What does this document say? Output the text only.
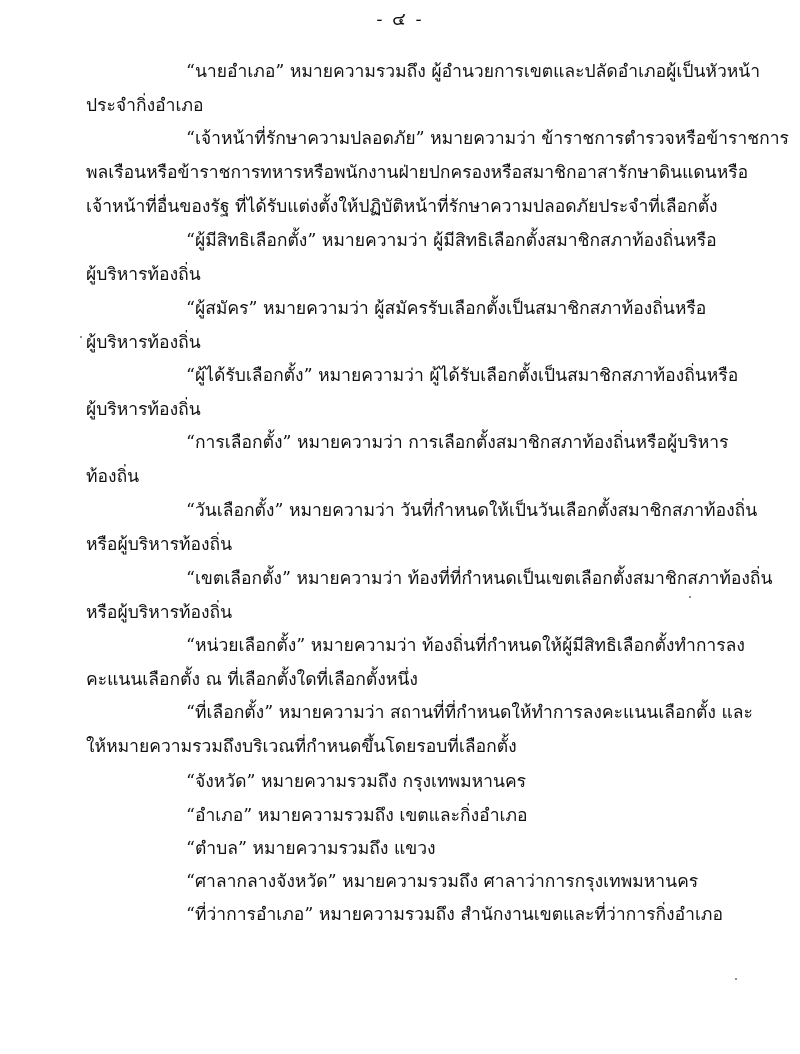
- ๔ -
“นายอำเภอ” หมายความรวมถึง ผู้อำนวยการเขตและปลัดอำเภอผู้เป็นหัวหน้า
ประจำกิ่งอำเภอ
“เจ้าหน้าที่รักษาความปลอดภัย” หมายความว่า ข้าราชการตำรวจหรือข้าราชการ
พลเรือนหรือข้าราชการทหารหรือพนักงานฝ่ายปกครองหรือสมาชิกอาสารักษาดินแดนหรือ
เจ้าหน้าที่อื่นของรัฐ ที่ได้รับแต่งตั้งให้ปฏิบัติหน้าที่รักษาความปลอดภัยประจำที่เลือกตั้ง
“ผู้มีสิทธิเลือกตั้ง” หมายความว่า ผู้มีสิทธิเลือกตั้งสมาชิกสภาท้องถิ่นหรือ
ผู้บริหารท้องถิ่น
“ผู้สมัคร” หมายความว่า ผู้สมัครรับเลือกตั้งเป็นสมาชิกสภาท้องถิ่นหรือ
ผู้บริหารท้องถิ่น
“ผู้ได้รับเลือกตั้ง” หมายความว่า ผู้ได้รับเลือกตั้งเป็นสมาชิกสภาท้องถิ่นหรือ
ผู้บริหารท้องถิ่น
“การเลือกตั้ง” หมายความว่า การเลือกตั้งสมาชิกสภาท้องถิ่นหรือผู้บริหาร
ท้องถิ่น
“วันเลือกตั้ง” หมายความว่า วันที่กำหนดให้เป็นวันเลือกตั้งสมาชิกสภาท้องถิ่น
หรือผู้บริหารท้องถิ่น
“เขตเลือกตั้ง” หมายความว่า ท้องที่ที่กำหนดเป็นเขตเลือกตั้งสมาชิกสภาท้องถิ่น
หรือผู้บริหารท้องถิ่น
“หน่วยเลือกตั้ง” หมายความว่า ท้องถิ่นที่กำหนดให้ผู้มีสิทธิเลือกตั้งทำการลง
คะแนนเลือกตั้ง ณ ที่เลือกตั้งใดที่เลือกตั้งหนึ่ง
“ที่เลือกตั้ง” หมายความว่า สถานที่ที่กำหนดให้ทำการลงคะแนนเลือกตั้ง และ
ให้หมายความรวมถึงบริเวณที่กำหนดขึ้นโดยรอบที่เลือกตั้ง
“จังหวัด” หมายความรวมถึง กรุงเทพมหานคร
“อำเภอ” หมายความรวมถึง เขตและกิ่งอำเภอ
“ตำบล” หมายความรวมถึง แขวง
“ศาลากลางจังหวัด” หมายความรวมถึง ศาลาว่าการกรุงเทพมหานคร
“ที่ว่าการอำเภอ” หมายความรวมถึง สำนักงานเขตและที่ว่าการกิ่งอำเภอ
